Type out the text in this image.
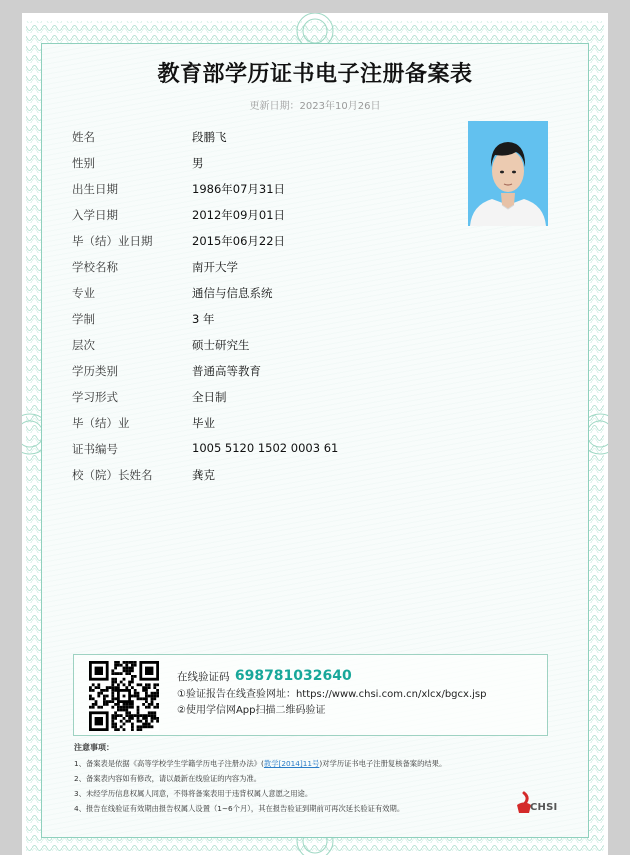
教育部学历证书电子注册备案表
更新日期：2023年10月26日
姓名	段鹏飞
性别	男
出生日期	1986年07月31日
入学日期	2012年09月01日
毕（结）业日期	2015年06月22日
学校名称	南开大学
专业	通信与信息系统
学制	3 年
层次	硕士研究生
学历类别	普通高等教育
学习形式	全日制
毕（结）业	毕业
证书编号	1005 5120 1502 0003 61
校（院）长姓名	龚克
在线验证码 698781032640
①验证报告在线查验网址：https://www.chsi.com.cn/xlcx/bgcx.jsp
②使用学信网App扫描二维码验证
注意事项：
1、备案表是依据《高等学校学生学籍学历电子注册办法》(教学[2014]11号)对学历证书电子注册复核备案的结果。
2、备案表内容如有修改，请以最新在线验证的内容为准。
3、未经学历信息权属人同意，不得将备案表用于违背权属人意愿之用途。
4、报告在线验证有效期由报告权属人设置（1~6个月），其在报告验证到期前可再次延长验证有效期。	CHSI
